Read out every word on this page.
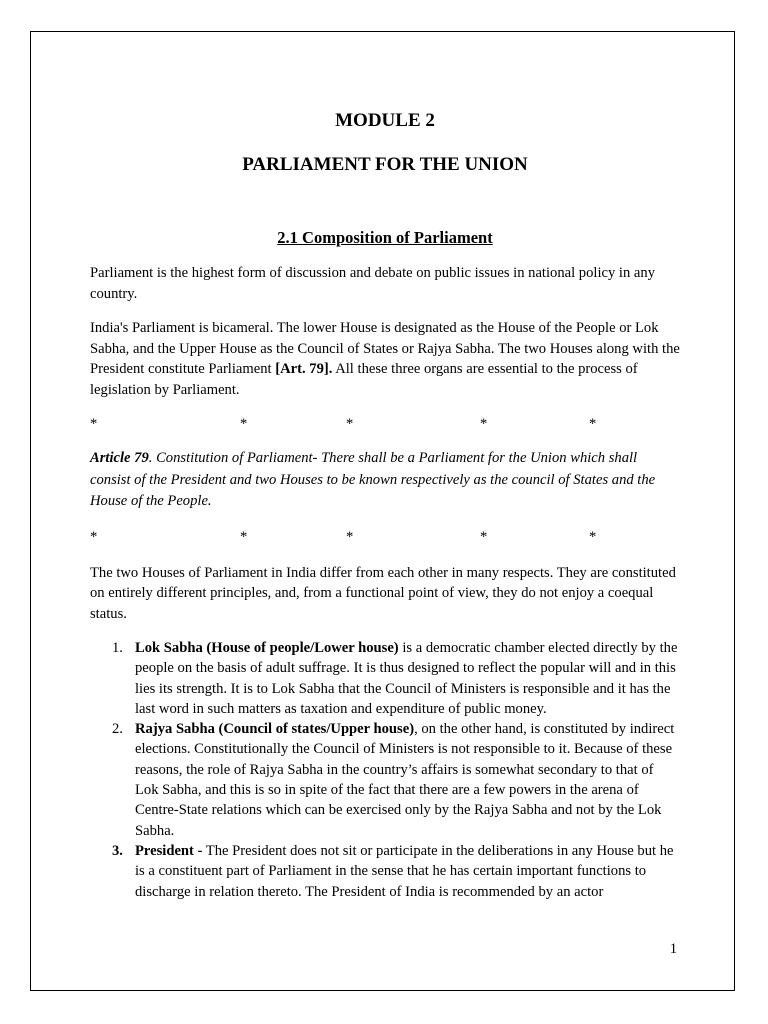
MODULE 2
PARLIAMENT FOR THE UNION
2.1 Composition of Parliament

Parliament is the highest form of discussion and debate on public issues in national policy in any country.

India's Parliament is bicameral. The lower House is designated as the House of the People or Lok Sabha, and the Upper House as the Council of States or Rajya Sabha. The two Houses along with the President constitute Parliament [Art. 79]. All these three organs are essential to the process of legislation by Parliament.

*	*	*	*	*

Article 79. Constitution of Parliament- There shall be a Parliament for the Union which shall consist of the President and two Houses to be known respectively as the council of States and the House of the People.

*	*	*	*	*

The two Houses of Parliament in India differ from each other in many respects. They are constituted on entirely different principles, and, from a functional point of view, they do not enjoy a coequal status.

1. Lok Sabha (House of people/Lower house) is a democratic chamber elected directly by the people on the basis of adult suffrage. It is thus designed to reflect the popular will and in this lies its strength. It is to Lok Sabha that the Council of Ministers is responsible and it has the last word in such matters as taxation and expenditure of public money.
2. Rajya Sabha (Council of states/Upper house), on the other hand, is constituted by indirect elections. Constitutionally the Council of Ministers is not responsible to it. Because of these reasons, the role of Rajya Sabha in the country’s affairs is somewhat secondary to that of Lok Sabha, and this is so in spite of the fact that there are a few powers in the arena of Centre-State relations which can be exercised only by the Rajya Sabha and not by the Lok Sabha.
3. President - The President does not sit or participate in the deliberations in any House but he is a constituent part of Parliament in the sense that he has certain important functions to discharge in relation thereto. The President of India is recommended by an actor
1
